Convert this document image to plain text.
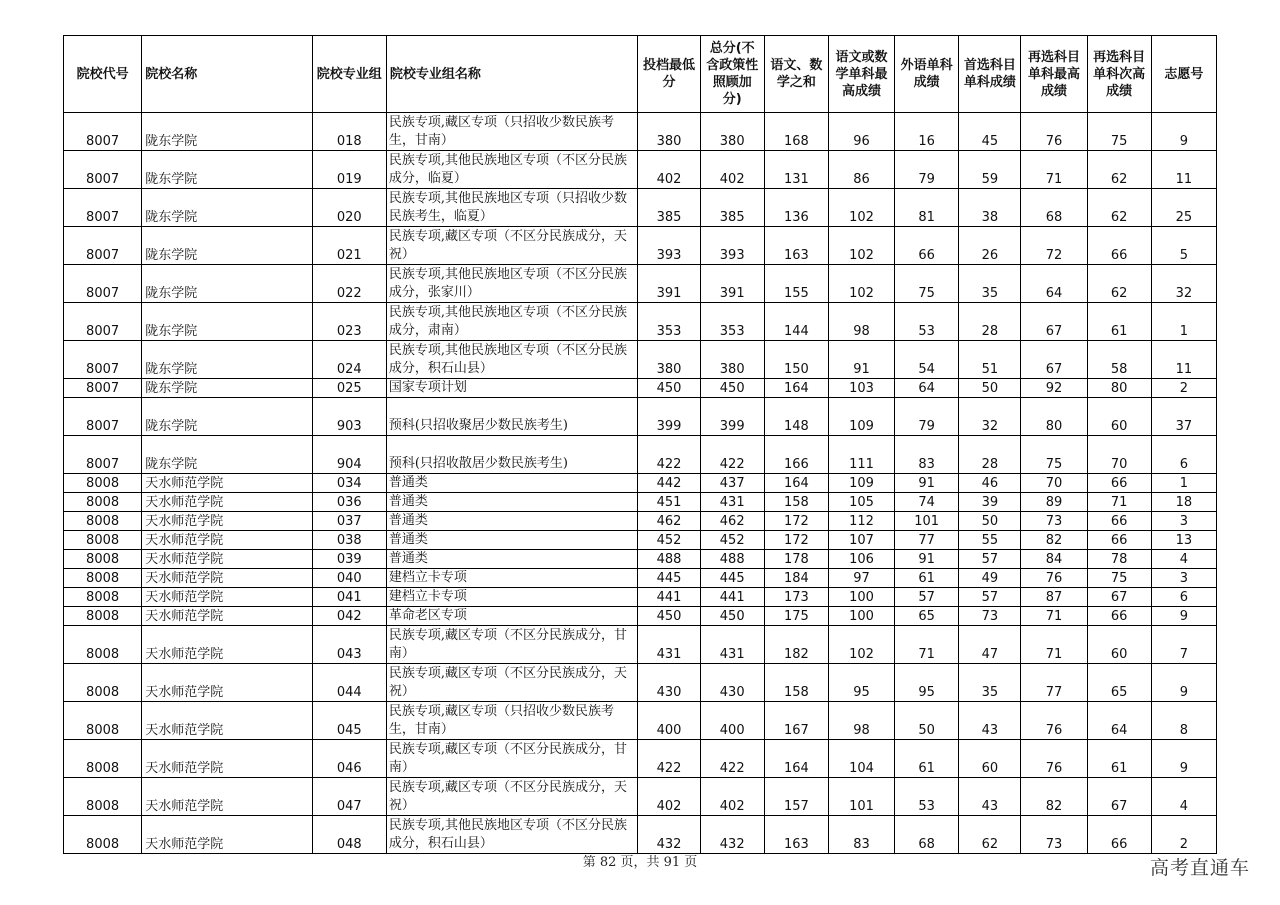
院校代号	院校名称	院校专业组	院校专业组名称	投档最低分	总分(不含政策性照顾加分)	语文、数学之和	语文或数学单科最高成绩	外语单科成绩	首选科目单科成绩	再选科目单科最高成绩	再选科目单科次高成绩	志愿号
8007	陇东学院	018	民族专项,藏区专项（只招收少数民族考生，甘南）	380	380	168	96	16	45	76	75	9
8007	陇东学院	019	民族专项,其他民族地区专项（不区分民族成分，临夏）	402	402	131	86	79	59	71	62	11
8007	陇东学院	020	民族专项,其他民族地区专项（只招收少数民族考生，临夏）	385	385	136	102	81	38	68	62	25
8007	陇东学院	021	民族专项,藏区专项（不区分民族成分，天祝）	393	393	163	102	66	26	72	66	5
8007	陇东学院	022	民族专项,其他民族地区专项（不区分民族成分，张家川）	391	391	155	102	75	35	64	62	32
8007	陇东学院	023	民族专项,其他民族地区专项（不区分民族成分，肃南）	353	353	144	98	53	28	67	61	1
8007	陇东学院	024	民族专项,其他民族地区专项（不区分民族成分，积石山县）	380	380	150	91	54	51	67	58	11
8007	陇东学院	025	国家专项计划	450	450	164	103	64	50	92	80	2
8007	陇东学院	903	预科(只招收聚居少数民族考生)	399	399	148	109	79	32	80	60	37
8007	陇东学院	904	预科(只招收散居少数民族考生)	422	422	166	111	83	28	75	70	6
8008	天水师范学院	034	普通类	442	437	164	109	91	46	70	66	1
8008	天水师范学院	036	普通类	451	431	158	105	74	39	89	71	18
8008	天水师范学院	037	普通类	462	462	172	112	101	50	73	66	3
8008	天水师范学院	038	普通类	452	452	172	107	77	55	82	66	13
8008	天水师范学院	039	普通类	488	488	178	106	91	57	84	78	4
8008	天水师范学院	040	建档立卡专项	445	445	184	97	61	49	76	75	3
8008	天水师范学院	041	建档立卡专项	441	441	173	100	57	57	87	67	6
8008	天水师范学院	042	革命老区专项	450	450	175	100	65	73	71	66	9
8008	天水师范学院	043	民族专项,藏区专项（不区分民族成分，甘南）	431	431	182	102	71	47	71	60	7
8008	天水师范学院	044	民族专项,藏区专项（不区分民族成分，天祝）	430	430	158	95	95	35	77	65	9
8008	天水师范学院	045	民族专项,藏区专项（只招收少数民族考生，甘南）	400	400	167	98	50	43	76	64	8
8008	天水师范学院	046	民族专项,藏区专项（不区分民族成分，甘南）	422	422	164	104	61	60	76	61	9
8008	天水师范学院	047	民族专项,藏区专项（不区分民族成分，天祝）	402	402	157	101	53	43	82	67	4
8008	天水师范学院	048	民族专项,其他民族地区专项（不区分民族成分，积石山县）	432	432	163	83	68	62	73	66	2
第 82 页，共 91 页	高考直通车
